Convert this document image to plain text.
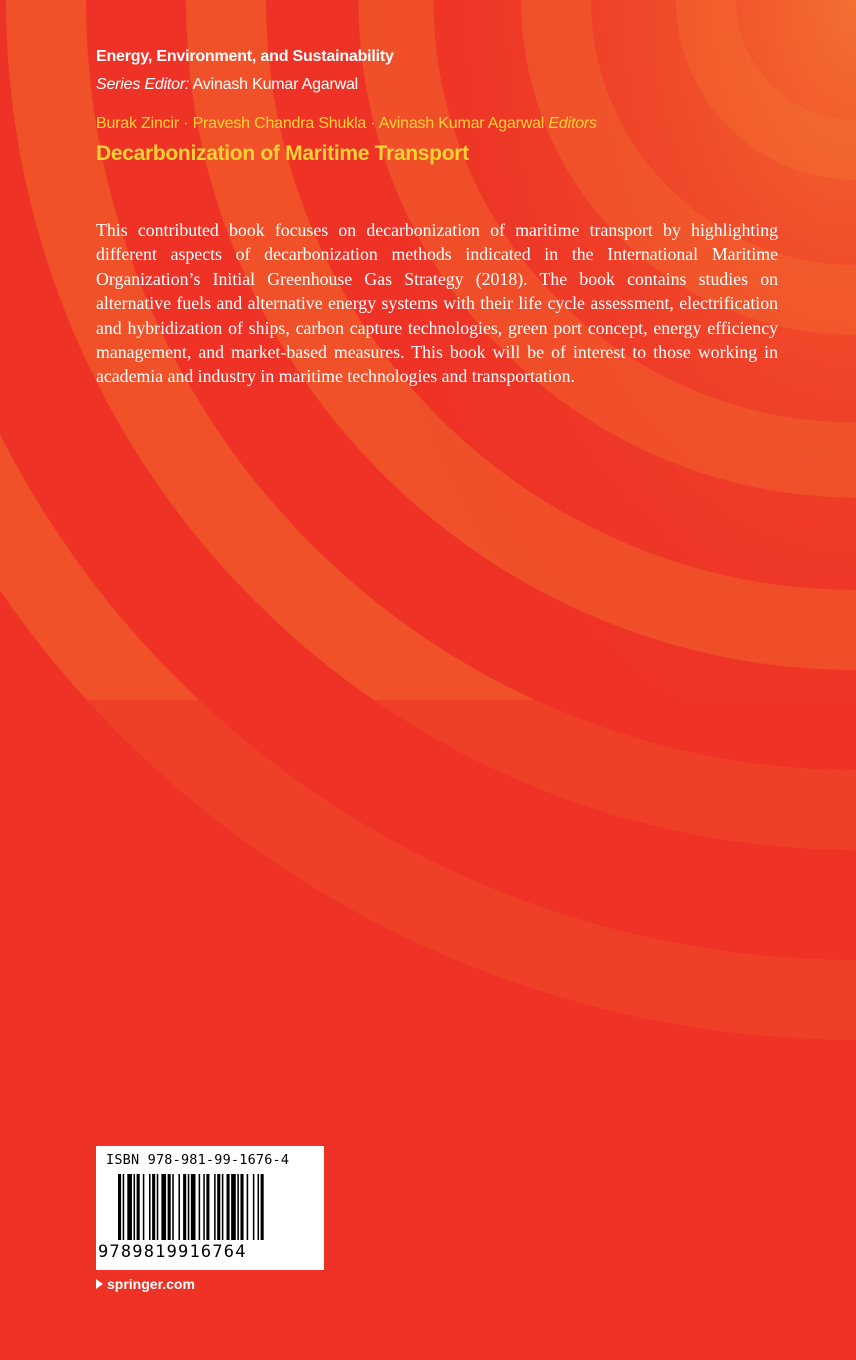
Energy, Environment, and Sustainability
Series Editor: Avinash Kumar Agarwal
Burak Zincir · Pravesh Chandra Shukla · Avinash Kumar Agarwal Editors
Decarbonization of Maritime Transport
This contributed book focuses on decarbonization of maritime transport by highlighting different aspects of decarbonization methods indicated in the International Maritime Organization’s Initial Greenhouse Gas Strategy (2018). The book contains studies on alternative fuels and alternative energy systems with their life cycle assessment, electrification and hybridization of ships, carbon capture technologies, green port concept, energy efficiency management, and market-based measures. This book will be of interest to those working in academia and industry in maritime technologies and transportation.
ISBN 978-981-99-1676-4
9789819916764
springer.com
